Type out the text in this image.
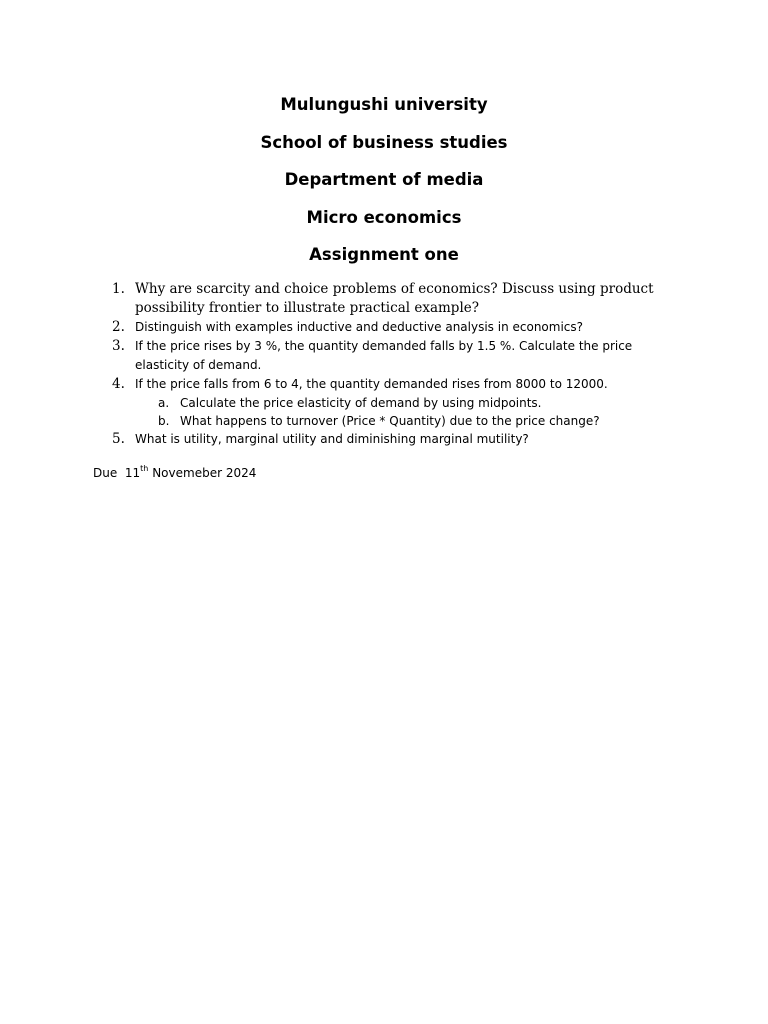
Mulungushi university
School of business studies
Department of media
Micro economics
Assignment one
1. Why are scarcity and choice problems of economics? Discuss using product possibility frontier to illustrate practical example?
2. Distinguish with examples inductive and deductive analysis in economics?
3. If the price rises by 3 %, the quantity demanded falls by 1.5 %. Calculate the price elasticity of demand.
4. If the price falls from 6 to 4, the quantity demanded rises from 8000 to 12000.
a. Calculate the price elasticity of demand by using midpoints.
b. What happens to turnover (Price * Quantity) due to the price change?
5. What is utility, marginal utility and diminishing marginal mutility?
Due 11th Novemeber 2024
